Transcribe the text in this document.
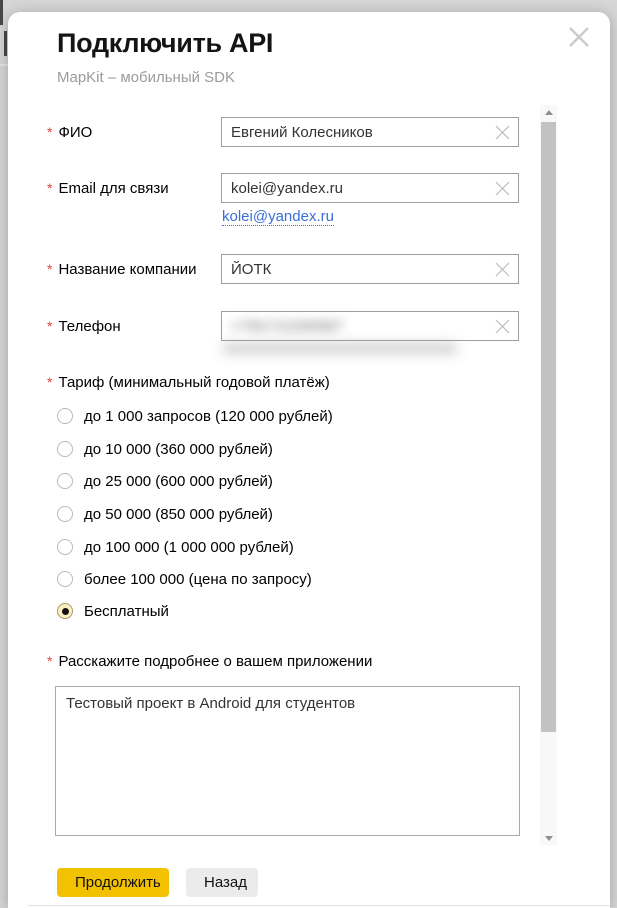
Подключить API
MapKit – мобильный SDK
* ФИО
Евгений Колесников
* Email для связи
kolei@yandex.ru
kolei@yandex.ru
* Название компании
ЙОТК
* Телефон	+79171234567
* Тариф (минимальный годовой платёж)
до 1 000 запросов (120 000 рублей)
до 10 000 (360 000 рублей)
до 25 000 (600 000 рублей)
до 50 000 (850 000 рублей)
до 100 000 (1 000 000 рублей)
более 100 000 (цена по запросу)
Бесплатный
* Расскажите подробнее о вашем приложении
Тестовый проект в Android для студентов
Продолжить	Назад
